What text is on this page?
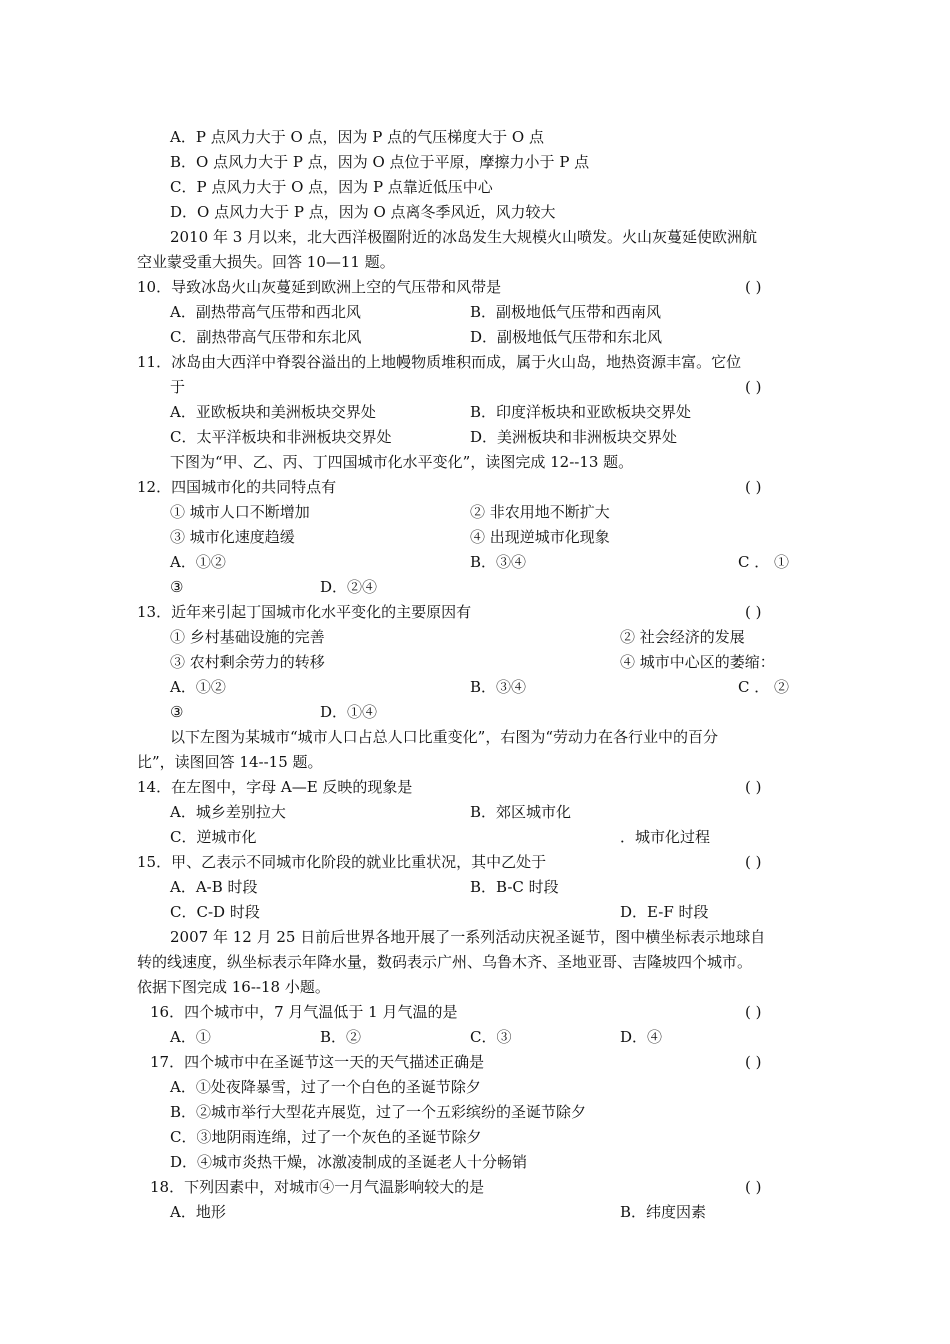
A．P 点风力大于 O 点，因为 P 点的气压梯度大于 O 点
B．O 点风力大于 P 点，因为 O 点位于平原，摩擦力小于 P 点
C．P 点风力大于 O 点，因为 P 点靠近低压中心
D．O 点风力大于 P 点，因为 O 点离冬季风近，风力较大
2010 年 3 月以来，北大西洋极圈附近的冰岛发生大规模火山喷发。火山灰蔓延使欧洲航
空业蒙受重大损失。回答 10—11 题。
10．导致冰岛火山灰蔓延到欧洲上空的气压带和风带是	( )
A．副热带高气压带和西北风	B．副极地低气压带和西南风
C．副热带高气压带和东北风	D．副极地低气压带和东北风
11．冰岛由大西洋中脊裂谷溢出的上地幔物质堆积而成，属于火山岛，地热资源丰富。它位
于	( )
A．亚欧板块和美洲板块交界处	B．印度洋板块和亚欧板块交界处
C．太平洋板块和非洲板块交界处	D．美洲板块和非洲板块交界处
下图为“甲、乙、丙、丁四国城市化水平变化”，读图完成 12--13 题。
12．四国城市化的共同特点有	( )
① 城市人口不断增加	② 非农用地不断扩大
③ 城市化速度趋缓	④ 出现逆城市化现象
A．①②	B．③④	C ． ①
③	D．②④
13．近年来引起丁国城市化水平变化的主要原因有	( )
① 乡村基础设施的完善	② 社会经济的发展
③ 农村剩余劳力的转移	④ 城市中心区的萎缩：
A．①②	B．③④	C ． ②
③	D．①④
以下左图为某城市“城市人口占总人口比重变化”，右图为“劳动力在各行业中的百分
比”，读图回答 14--15 题。
14．在左图中，字母 A—E 反映的现象是	( )
A．城乡差别拉大	B．郊区城市化
C．逆城市化	．城市化过程
15．甲、乙表示不同城市化阶段的就业比重状况，其中乙处于	( )
A．A-B 时段	B．B-C 时段
C．C-D 时段	D．E-F 时段
2007 年 12 月 25 日前后世界各地开展了一系列活动庆祝圣诞节，图中横坐标表示地球自
转的线速度，纵坐标表示年降水量，数码表示广州、乌鲁木齐、圣地亚哥、吉隆坡四个城市。
依据下图完成 16--18 小题。
16．四个城市中，7 月气温低于 1 月气温的是	( )
A．①	B．②	C．③	D．④
17．四个城市中在圣诞节这一天的天气描述正确是	( )
A．①处夜降暴雪，过了一个白色的圣诞节除夕
B．②城市举行大型花卉展览，过了一个五彩缤纷的圣诞节除夕
C．③地阴雨连绵，过了一个灰色的圣诞节除夕
D．④城市炎热干燥，冰激凌制成的圣诞老人十分畅销
18．下列因素中，对城市④一月气温影响较大的是	( )
A．地形	B．纬度因素
